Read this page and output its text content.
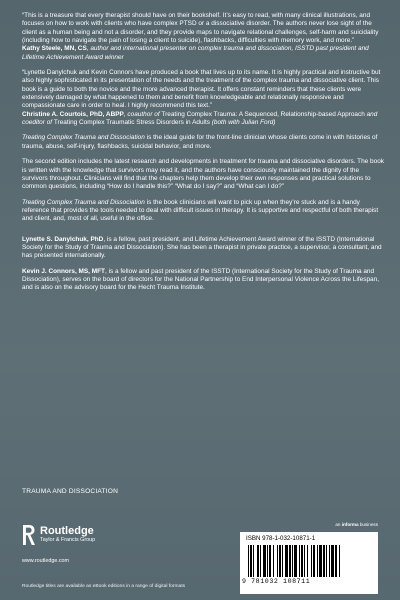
“This is a treasure that every therapist should have on their bookshelf. It’s easy to read, with many clinical illustrations, and focuses on how to work with clients who have complex PTSD or a dissociative disorder. The authors never lose sight of the client as a human being and not a disorder, and they provide maps to navigate relational challenges, self-harm and suicidality (including how to navigate the pain of losing a client to suicide), flashbacks, difficulties with memory work, and more.”

Kathy Steele, MN, CS, author and international presenter on complex trauma and dissociation, ISSTD past president and Lifetime Achievement Award winner

“Lynette Danylchuk and Kevin Connors have produced a book that lives up to its name. It is highly practical and instructive but also highly sophisticated in its presentation of the needs and the treatment of the complex trauma and dissociative client. This book is a guide to both the novice and the more advanced therapist. It offers constant reminders that these clients were extensively damaged by what happened to them and benefit from knowledgeable and relationally responsive and compassionate care in order to heal. I highly recommend this text.”

Christine A. Courtois, PhD, ABPP, coauthor of Treating Complex Trauma: A Sequenced, Relationship-based Approach and coeditor of Treating Complex Traumatic Stress Disorders in Adults (both with Julian Ford)

Treating Complex Trauma and Dissociation is the ideal guide for the front-line clinician whose clients come in with histories of trauma, abuse, self-injury, flashbacks, suicidal behavior, and more.

The second edition includes the latest research and developments in treatment for trauma and dissociative disorders. The book is written with the knowledge that survivors may read it, and the authors have consciously maintained the dignity of the survivors throughout. Clinicians will find that the chapters help them develop their own responses and practical solutions to common questions, including “How do I handle this?” “What do I say?” and “What can I do?”

Treating Complex Trauma and Dissociation is the book clinicians will want to pick up when they’re stuck and is a handy reference that provides the tools needed to deal with difficult issues in therapy. It is supportive and respectful of both therapist and client, and, most of all, useful in the office.

Lynette S. Danylchuk, PhD, is a fellow, past president, and Lifetime Achievement Award winner of the ISSTD (International Society for the Study of Trauma and Dissociation). She has been a therapist in private practice, a supervisor, a consultant, and has presented internationally.

Kevin J. Connors, MS, MFT, is a fellow and past president of the ISSTD (International Society for the Study of Trauma and Dissociation), serves on the board of directors for the National Partnership to End Interpersonal Violence Across the Lifespan, and is also on the advisory board for the Hecht Trauma Institute.

TRAUMA AND DISSOCIATION
Routledge
Taylor & Francis Group
www.routledge.com
Routledge titles are available as eBook editions in a range of digital formats
an informa business
ISBN 978-1-032-10871-1
9 781032 108711
